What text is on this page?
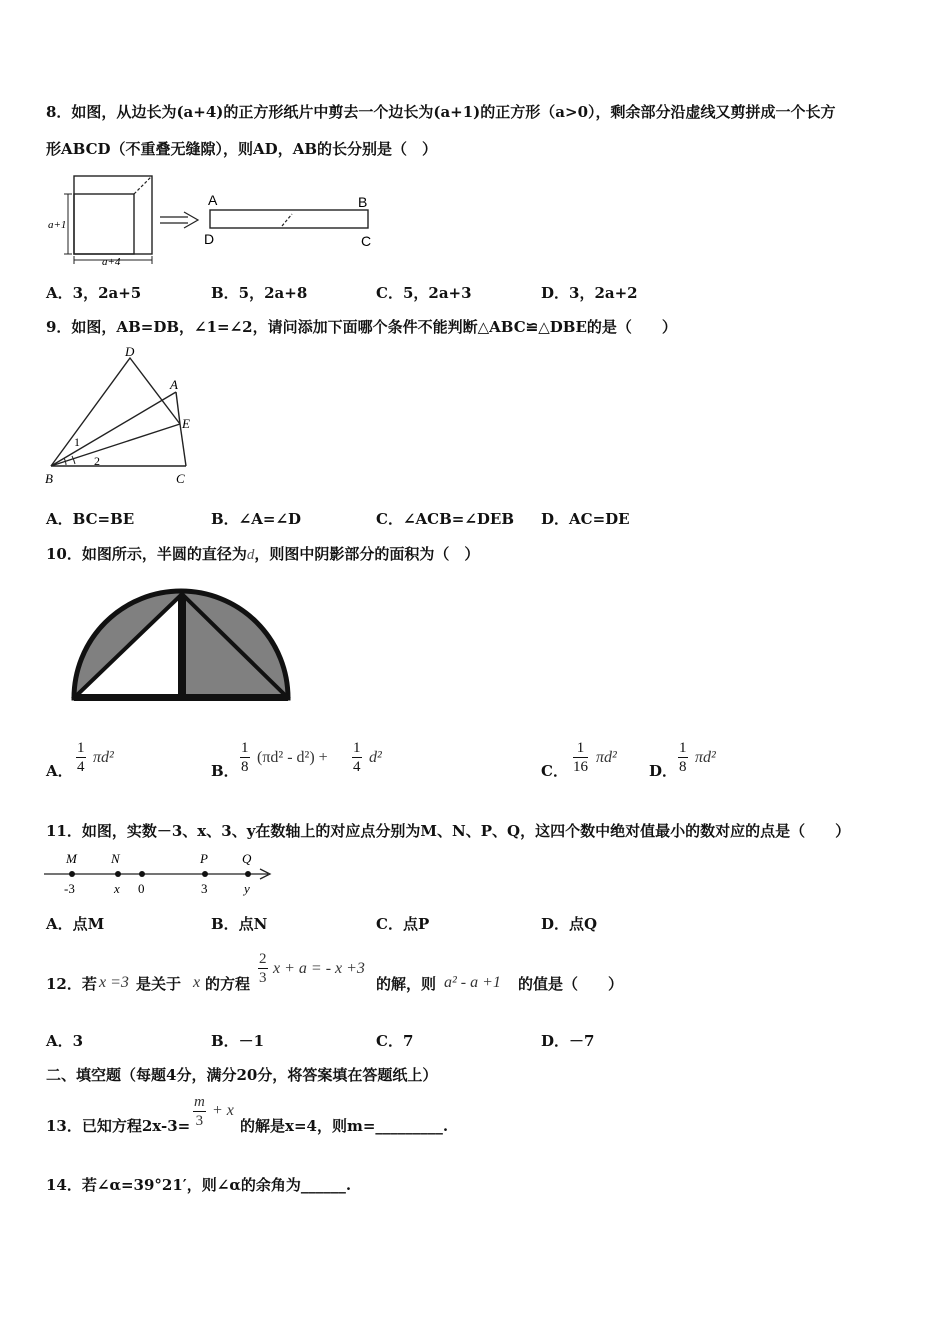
8．如图，从边长为(a+4)的正方形纸片中剪去一个边长为(a+1)的正方形（a>0），剩余部分沿虚线又剪拼成一个长方
形ABCD（不重叠无缝隙），则AD，AB的长分别是（　）
a+1
a+4
A	B
C
D
A．3，2a+5	B．5，2a+8	C．5，2a+3	D．3，2a+2
9．如图，AB=DB，∠1=∠2，请问添加下面哪个条件不能判断△ABC≌△DBE的是（　　）
D
A
E
B	C
1
2
A．BC=BE	B．∠A=∠D	C．∠ACB=∠DEB D．AC=DE
10．如图所示，半圆的直径为d，则图中阴影部分的面积为（　）
A． $\frac{1}{4} \pi d^2$
B． $\frac{1}{8} (\pi d^2 - d^2) + \frac{1}{4} d^2$
C． $\frac{1}{16} \pi d^2$
D． $\frac{1}{8} \pi d^2$
11．如图，实数－3、x、3、y在数轴上的对应点分别为M、N、P、Q，这四个数中绝对值最小的数对应的点是（　　）
M	N	P	Q
-3	x 0	3	y
A．点M	B．点N	C．点P	D．点Q
12．若 x =3 是关于 x 的方程 $\frac{2}{3}$ x + a = - x +3
的解，则 a² - a +1 的值是（　　）
A．3	B．－1	C．7	D．－7
二、填空题（每题4分，满分20分，将答案填在答题纸上）
13．已知方程$2x-3= \frac{m}{3} + x$
的解是x=4，则m=_________.
14．若∠α=39°21′，则∠α的余角为______.
